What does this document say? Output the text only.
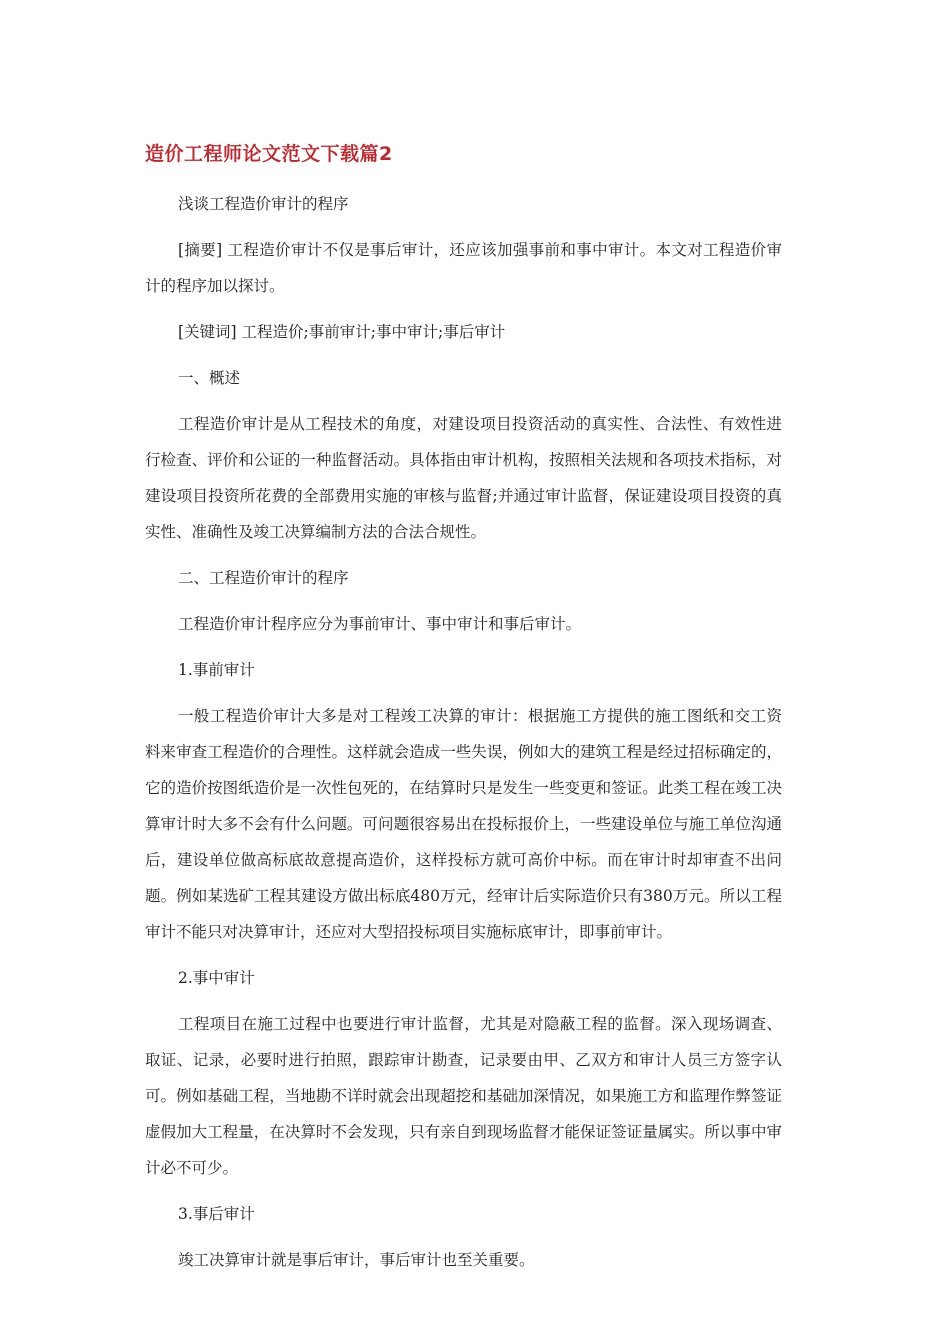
造价工程师论文范文下载篇2

浅谈工程造价审计的程序

[摘要] 工程造价审计不仅是事后审计，还应该加强事前和事中审计。本文对工程造价审计的程序加以探讨。

[关键词] 工程造价;事前审计;事中审计;事后审计

一、概述

工程造价审计是从工程技术的角度，对建设项目投资活动的真实性、合法性、有效性进行检查、评价和公证的一种监督活动。具体指由审计机构，按照相关法规和各项技术指标，对建设项目投资所花费的全部费用实施的审核与监督;并通过审计监督，保证建设项目投资的真实性、准确性及竣工决算编制方法的合法合规性。

二、工程造价审计的程序

工程造价审计程序应分为事前审计、事中审计和事后审计。

1.事前审计

一般工程造价审计大多是对工程竣工决算的审计：根据施工方提供的施工图纸和交工资料来审查工程造价的合理性。这样就会造成一些失误，例如大的建筑工程是经过招标确定的，它的造价按图纸造价是一次性包死的，在结算时只是发生一些变更和签证。此类工程在竣工决算审计时大多不会有什么问题。可问题很容易出在投标报价上，一些建设单位与施工单位沟通后，建设单位做高标底故意提高造价，这样投标方就可高价中标。而在审计时却审查不出问题。例如某选矿工程其建设方做出标底480万元，经审计后实际造价只有380万元。所以工程审计不能只对决算审计，还应对大型招投标项目实施标底审计，即事前审计。

2.事中审计

工程项目在施工过程中也要进行审计监督，尤其是对隐蔽工程的监督。深入现场调查、取证、记录，必要时进行拍照，跟踪审计勘查，记录要由甲、乙双方和审计人员三方签字认可。例如基础工程，当地勘不详时就会出现超挖和基础加深情况，如果施工方和监理作弊签证虚假加大工程量，在决算时不会发现，只有亲自到现场监督才能保证签证量属实。所以事中审计必不可少。

3.事后审计

竣工决算审计就是事后审计，事后审计也至关重要。
